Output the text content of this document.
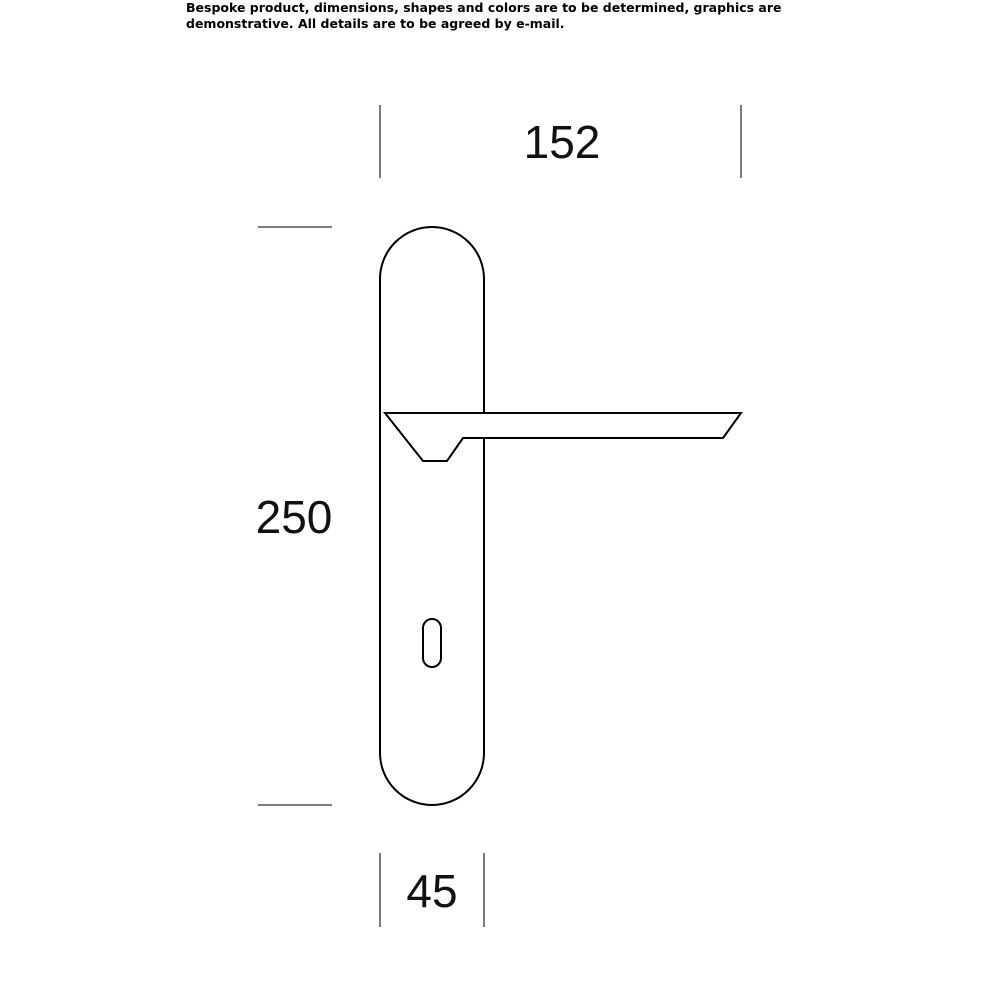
Bespoke product, dimensions, shapes and colors are to be determined, graphics are
demonstrative. All details are to be agreed by e-mail.
152
250
45
